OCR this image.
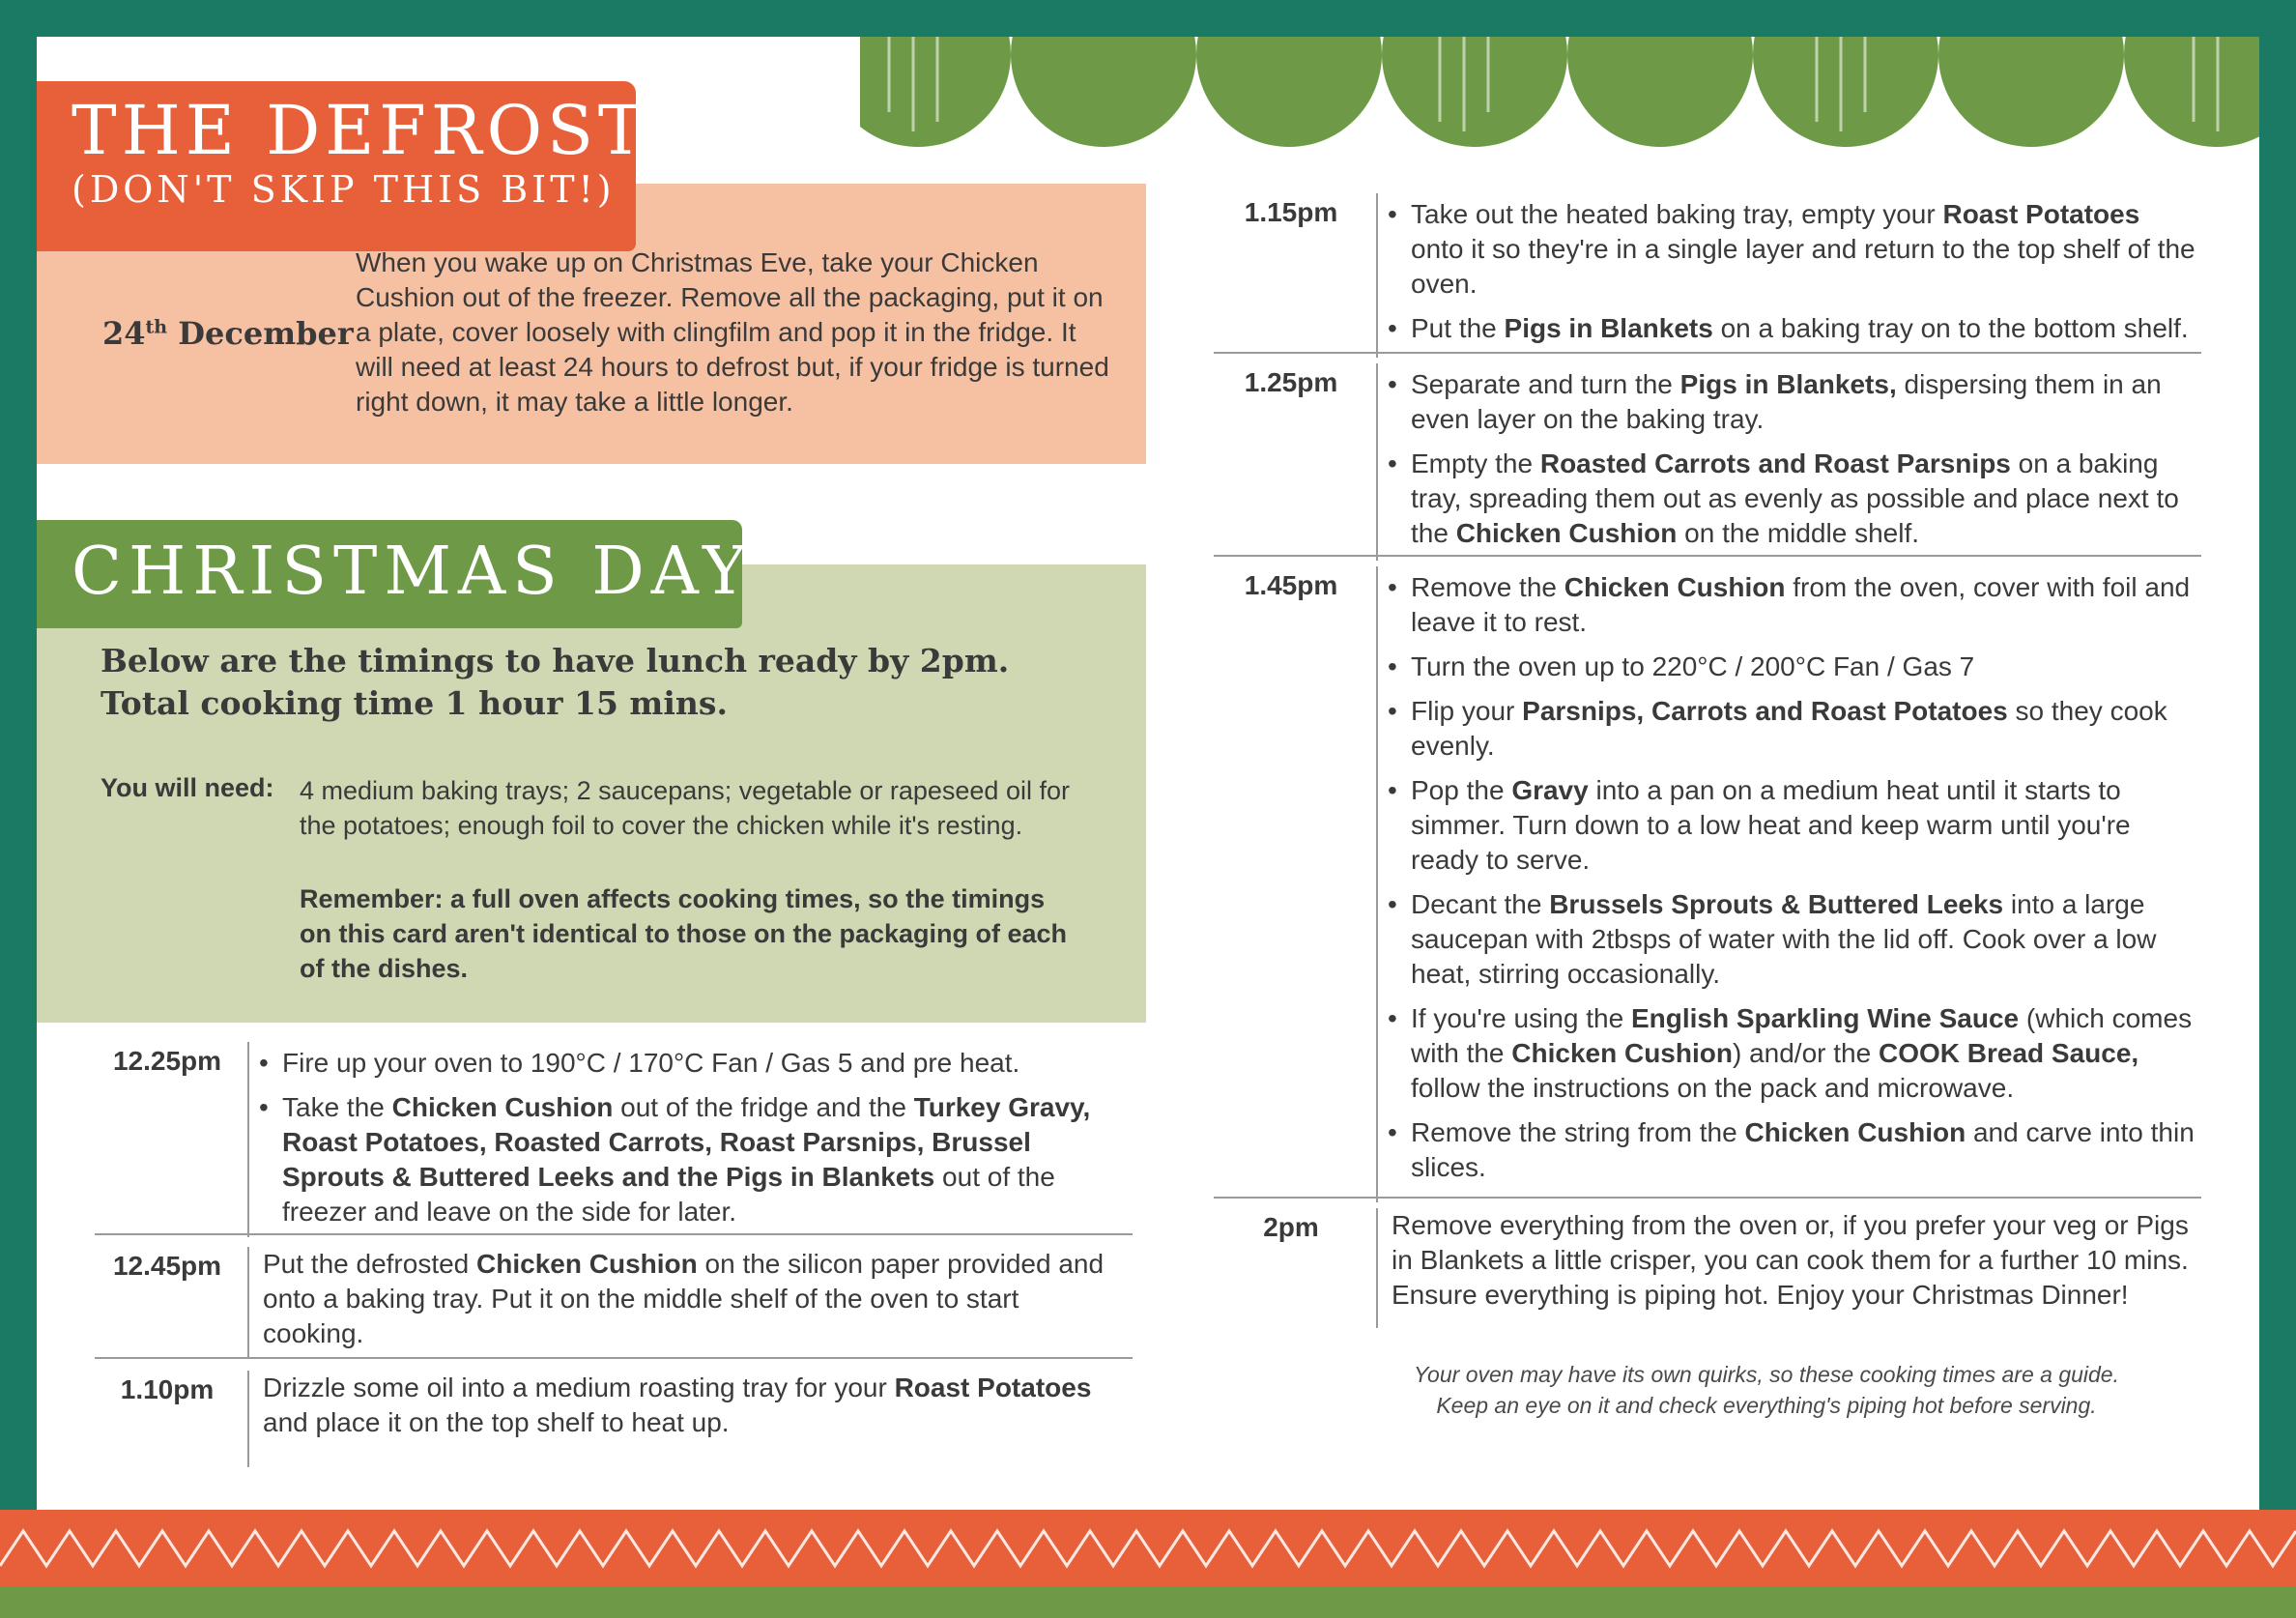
THE DEFROST
(DON'T SKIP THIS BIT!)
24th December
When you wake up on Christmas Eve, take your Chicken Cushion out of the freezer. Remove all the packaging, put it on a plate, cover loosely with clingfilm and pop it in the fridge. It will need at least 24 hours to defrost but, if your fridge is turned right down, it may take a little longer.
CHRISTMAS DAY
Below are the timings to have lunch ready by 2pm.
Total cooking time 1 hour 15 mins.
You will need: 4 medium baking trays; 2 saucepans; vegetable or rapeseed oil for the potatoes; enough foil to cover the chicken while it's resting.
Remember: a full oven affects cooking times, so the timings on this card aren't identical to those on the packaging of each of the dishes.
12.25pm	• Fire up your oven to 190°C / 170°C Fan / Gas 5 and pre heat.
• Take the Chicken Cushion out of the fridge and the Turkey Gravy, Roast Potatoes, Roasted Carrots, Roast Parsnips, Brussel Sprouts & Buttered Leeks and the Pigs in Blankets out of the freezer and leave on the side for later.
12.45pm	Put the defrosted Chicken Cushion on the silicon paper provided and onto a baking tray. Put it on the middle shelf of the oven to start cooking.
1.10pm	Drizzle some oil into a medium roasting tray for your Roast Potatoes and place it on the top shelf to heat up.
1.15pm	• Take out the heated baking tray, empty your Roast Potatoes onto it so they're in a single layer and return to the top shelf of the oven.
• Put the Pigs in Blankets on a baking tray on to the bottom shelf.
1.25pm	• Separate and turn the Pigs in Blankets, dispersing them in an even layer on the baking tray.
• Empty the Roasted Carrots and Roast Parsnips on a baking tray, spreading them out as evenly as possible and place next to the Chicken Cushion on the middle shelf.
1.45pm	• Remove the Chicken Cushion from the oven, cover with foil and leave it to rest.
• Turn the oven up to 220°C / 200°C Fan / Gas 7
• Flip your Parsnips, Carrots and Roast Potatoes so they cook evenly.
• Pop the Gravy into a pan on a medium heat until it starts to simmer. Turn down to a low heat and keep warm until you're ready to serve.
• Decant the Brussels Sprouts & Buttered Leeks into a large saucepan with 2tbsps of water with the lid off. Cook over a low heat, stirring occasionally.
• If you're using the English Sparkling Wine Sauce (which comes with the Chicken Cushion) and/or the COOK Bread Sauce, follow the instructions on the pack and microwave.
• Remove the string from the Chicken Cushion and carve into thin slices.
2pm	Remove everything from the oven or, if you prefer your veg or Pigs in Blankets a little crisper, you can cook them for a further 10 mins. Ensure everything is piping hot. Enjoy your Christmas Dinner!
Your oven may have its own quirks, so these cooking times are a guide.
Keep an eye on it and check everything's piping hot before serving.
